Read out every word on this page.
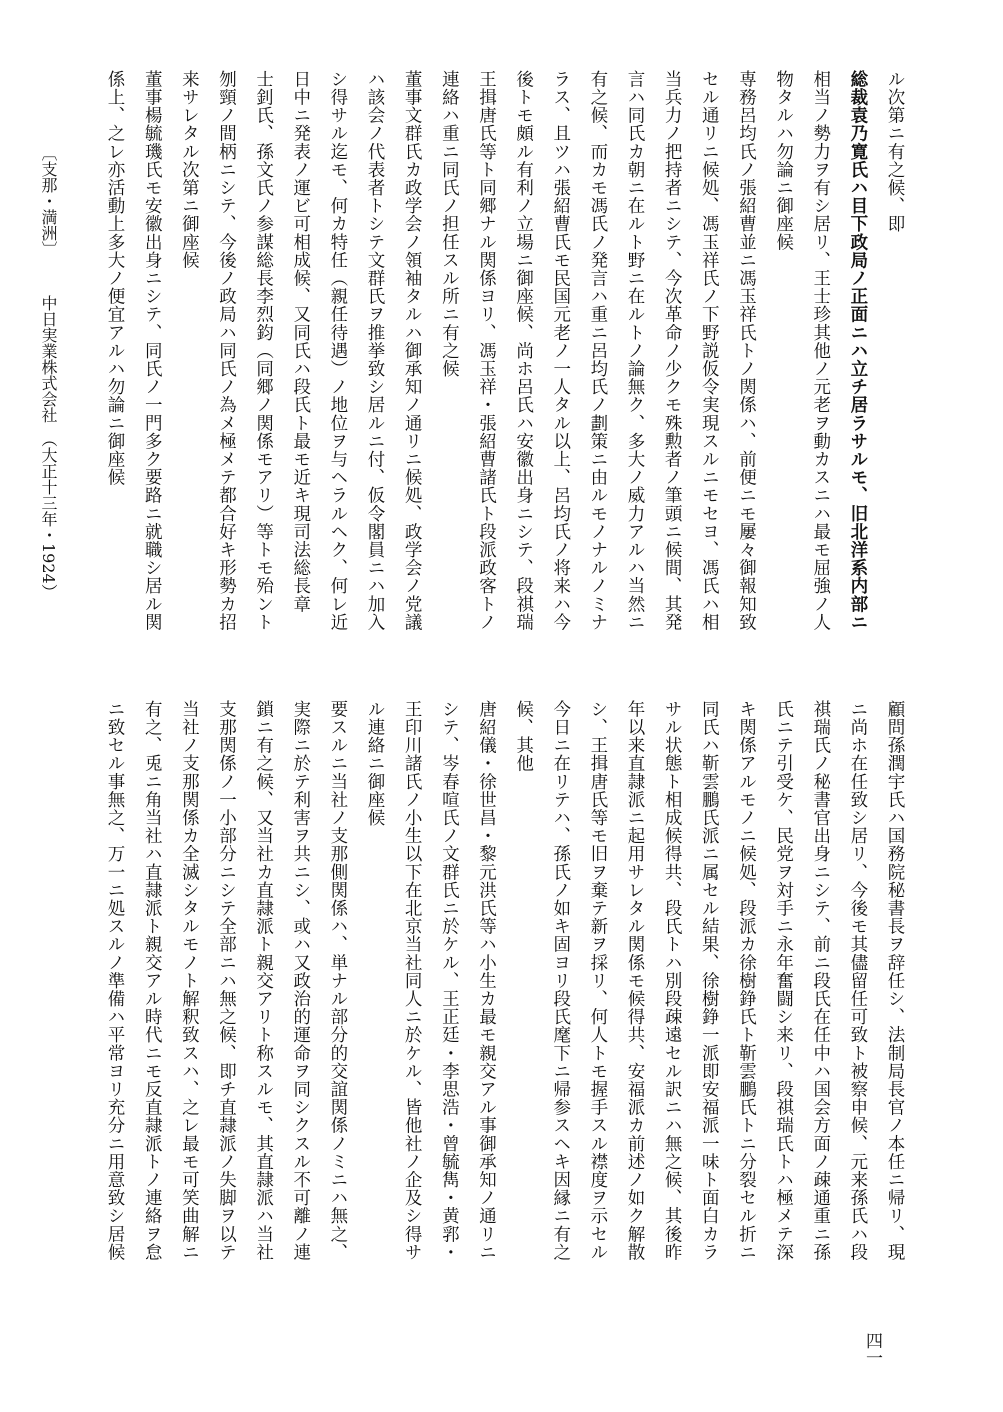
ル次第ニ有之候、即
総裁袁乃寛氏ハ目下政局ノ正面ニハ立チ居ラサルモ、旧北洋系内部ニ
相当ノ勢力ヲ有シ居リ、王士珍其他ノ元老ヲ動カスニハ最モ屈強ノ人
物タルハ勿論ニ御座候
専務呂均氏ノ張紹曹並ニ馮玉祥氏トノ関係ハ、前便ニモ屢々御報知致
セル通リニ候処、馮玉祥氏ノ下野説仮令実現スルニモセヨ、馮氏ハ相
当兵力ノ把持者ニシテ、今次革命ノ少クモ殊勲者ノ筆頭ニ候間、其発
言ハ同氏カ朝ニ在ルト野ニ在ルトノ論無ク、多大ノ威力アルハ当然ニ
有之候、而カモ馮氏ノ発言ハ重ニ呂均氏ノ劃策ニ由ルモノナルノミナ
ラス、且ツハ張紹曹氏モ民国元老ノ一人タル以上、呂均氏ノ将来ハ今
後トモ頗ル有利ノ立場ニ御座候、尚ホ呂氏ハ安徽出身ニシテ、段祺瑞
王揖唐氏等ト同郷ナル関係ヨリ、馮玉祥・張紹曹諸氏ト段派政客トノ
連絡ハ重ニ同氏ノ担任スル所ニ有之候
董事文群氏カ政学会ノ領袖タルハ御承知ノ通リニ候処、政学会ノ党議
ハ該会ノ代表者トシテ文群氏ヲ推挙致シ居ルニ付、仮令閣員ニハ加入
シ得サル迄モ、何カ特任（親任待遇）ノ地位ヲ与ヘラルヘク、何レ近
日中ニ発表ノ運ビ可相成候、又同氏ハ段氏ト最モ近キ現司法総長章
士釗氏、孫文氏ノ参謀総長李烈鈞（同郷ノ関係モアリ）等トモ殆ント
刎頸ノ間柄ニシテ、今後ノ政局ハ同氏ノ為メ極メテ都合好キ形勢カ招
来サレタル次第ニ御座候
董事楊毓璣氏モ安徽出身ニシテ、同氏ノ一門多ク要路ニ就職シ居ル関
係上、之レ亦活動上多大ノ便宜アルハ勿論ニ御座候
顧問孫潤宇氏ハ国務院秘書長ヲ辞任シ、法制局長官ノ本任ニ帰リ、現
ニ尚ホ在任致シ居リ、今後モ其儘留任可致ト被察申候、元来孫氏ハ段
祺瑞氏ノ秘書官出身ニシテ、前ニ段氏在任中ハ国会方面ノ疎通重ニ孫
氏ニテ引受ケ、民党ヲ対手ニ永年奮闘シ来リ、段祺瑞氏トハ極メテ深
キ関係アルモノニ候処、段派カ徐樹錚氏ト靳雲鵬氏トニ分裂セル折ニ
同氏ハ靳雲鵬氏派ニ属セル結果、徐樹錚一派即安福派一味ト面白カラ
サル状態ト相成候得共、段氏トハ別段疎遠セル訳ニハ無之候、其後昨
年以来直隷派ニ起用サレタル関係モ候得共、安福派カ前述ノ如ク解散
シ、王揖唐氏等モ旧ヲ棄テ新ヲ採リ、何人トモ握手スル襟度ヲ示セル
今日ニ在リテハ、孫氏ノ如キ固ヨリ段氏麾下ニ帰参スヘキ因縁ニ有之
候、其他
唐紹儀・徐世昌・黎元洪氏等ハ小生カ最モ親交アル事御承知ノ通リニ
シテ、岑春喧氏ノ文群氏ニ於ケル、王正廷・李思浩・曾毓雋・黄郛・
王印川諸氏ノ小生以下在北京当社同人ニ於ケル、皆他社ノ企及シ得サ
ル連絡ニ御座候
要スルニ当社ノ支那側関係ハ、単ナル部分的交誼関係ノミニハ無之、
実際ニ於テ利害ヲ共ニシ、或ハ又政治的運命ヲ同シクスル不可離ノ連
鎖ニ有之候、又当社カ直隷派ト親交アリト称スルモ、其直隷派ハ当社
支那関係ノ一小部分ニシテ全部ニハ無之候、即チ直隷派ノ失脚ヲ以テ
当社ノ支那関係カ全滅シタルモノト解釈致スハ、之レ最モ可笑曲解ニ
有之、兎ニ角当社ハ直隷派ト親交アル時代ニモ反直隷派トノ連絡ヲ怠
ニ致セル事無之、万一ニ処スルノ準備ハ平常ヨリ充分ニ用意致シ居候
〔支那・満洲〕
中日実業株式会社　（大正十三年・1924）
四一
